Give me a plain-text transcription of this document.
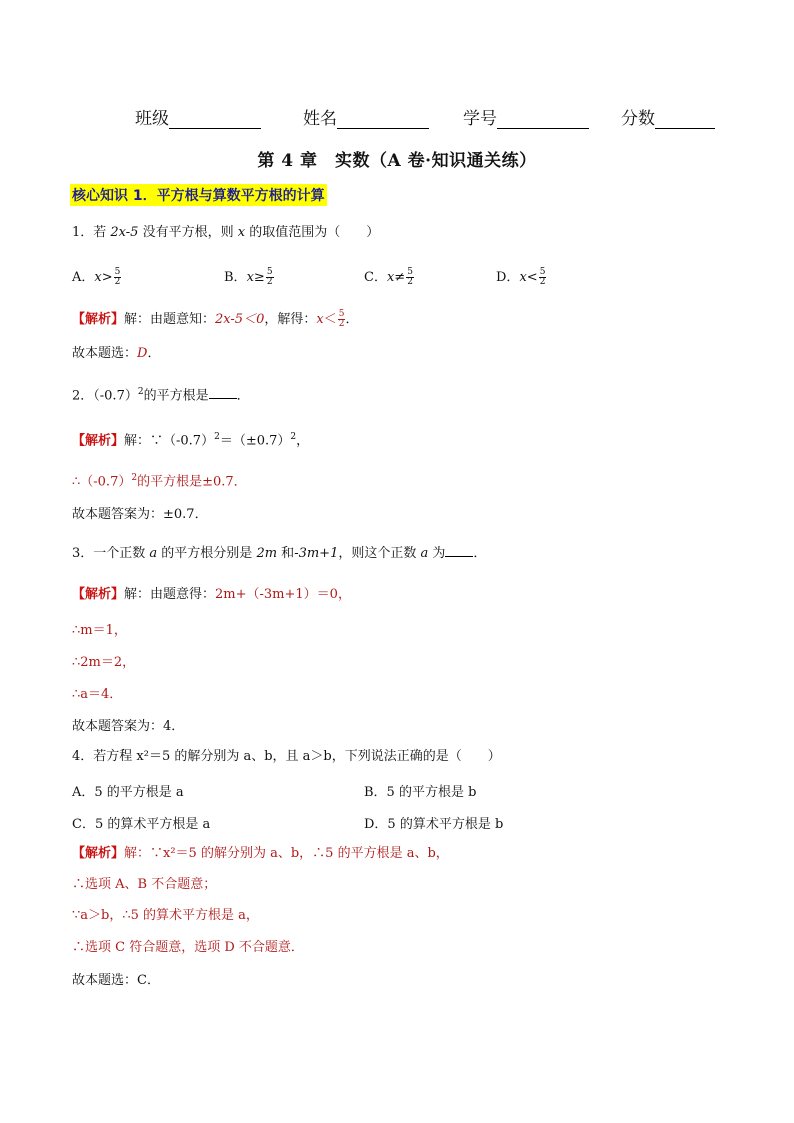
班级	姓名	学号	分数
第 4 章　实数（A 卷·知识通关练）
核心知识 1．平方根与算数平方根的计算
1．若 2x-5 没有平方根，则 x 的取值范围为（　　）
A．$x> \frac{5}{2}$	B．$x\ge \frac{5}{2}$	C．$x\ne \frac{5}{2}$	D．$x< \frac{5}{2}$
【解析】解：由题意知：2x-5＜0，解得：$x< \frac{5}{2}$ ．
故本题选：D．
2．$(-0.7)^2$的平方根是 ．
【解析】解：$\because(-0.7)^2=(\pm 0.7)^2$，
$\therefore(-0.7)^2$的平方根是±0.7．
故本题答案为：±0.7．
3．一个正数 a 的平方根分别是 2m 和-3m+1，则这个正数 a 为 ．
【解析】解：由题意得：2m+（-3m+1）＝0，
∴m＝1，
∴2m＝2，
∴a＝4．
故本题答案为：4．
4．若方程 x²＝5 的解分别为 a、b，且 a＞b，下列说法正确的是（　　）
A．5 的平方根是 a	B．5 的平方根是 b
C．5 的算术平方根是 a	D．5 的算术平方根是 b
【解析】解：∵x²＝5 的解分别为 a、b，∴5 的平方根是 a、b，
∴选项 A、B 不合题意；
∵a＞b，∴5 的算术平方根是 a，
∴选项 C 符合题意，选项 D 不合题意．
故本题选：C．
